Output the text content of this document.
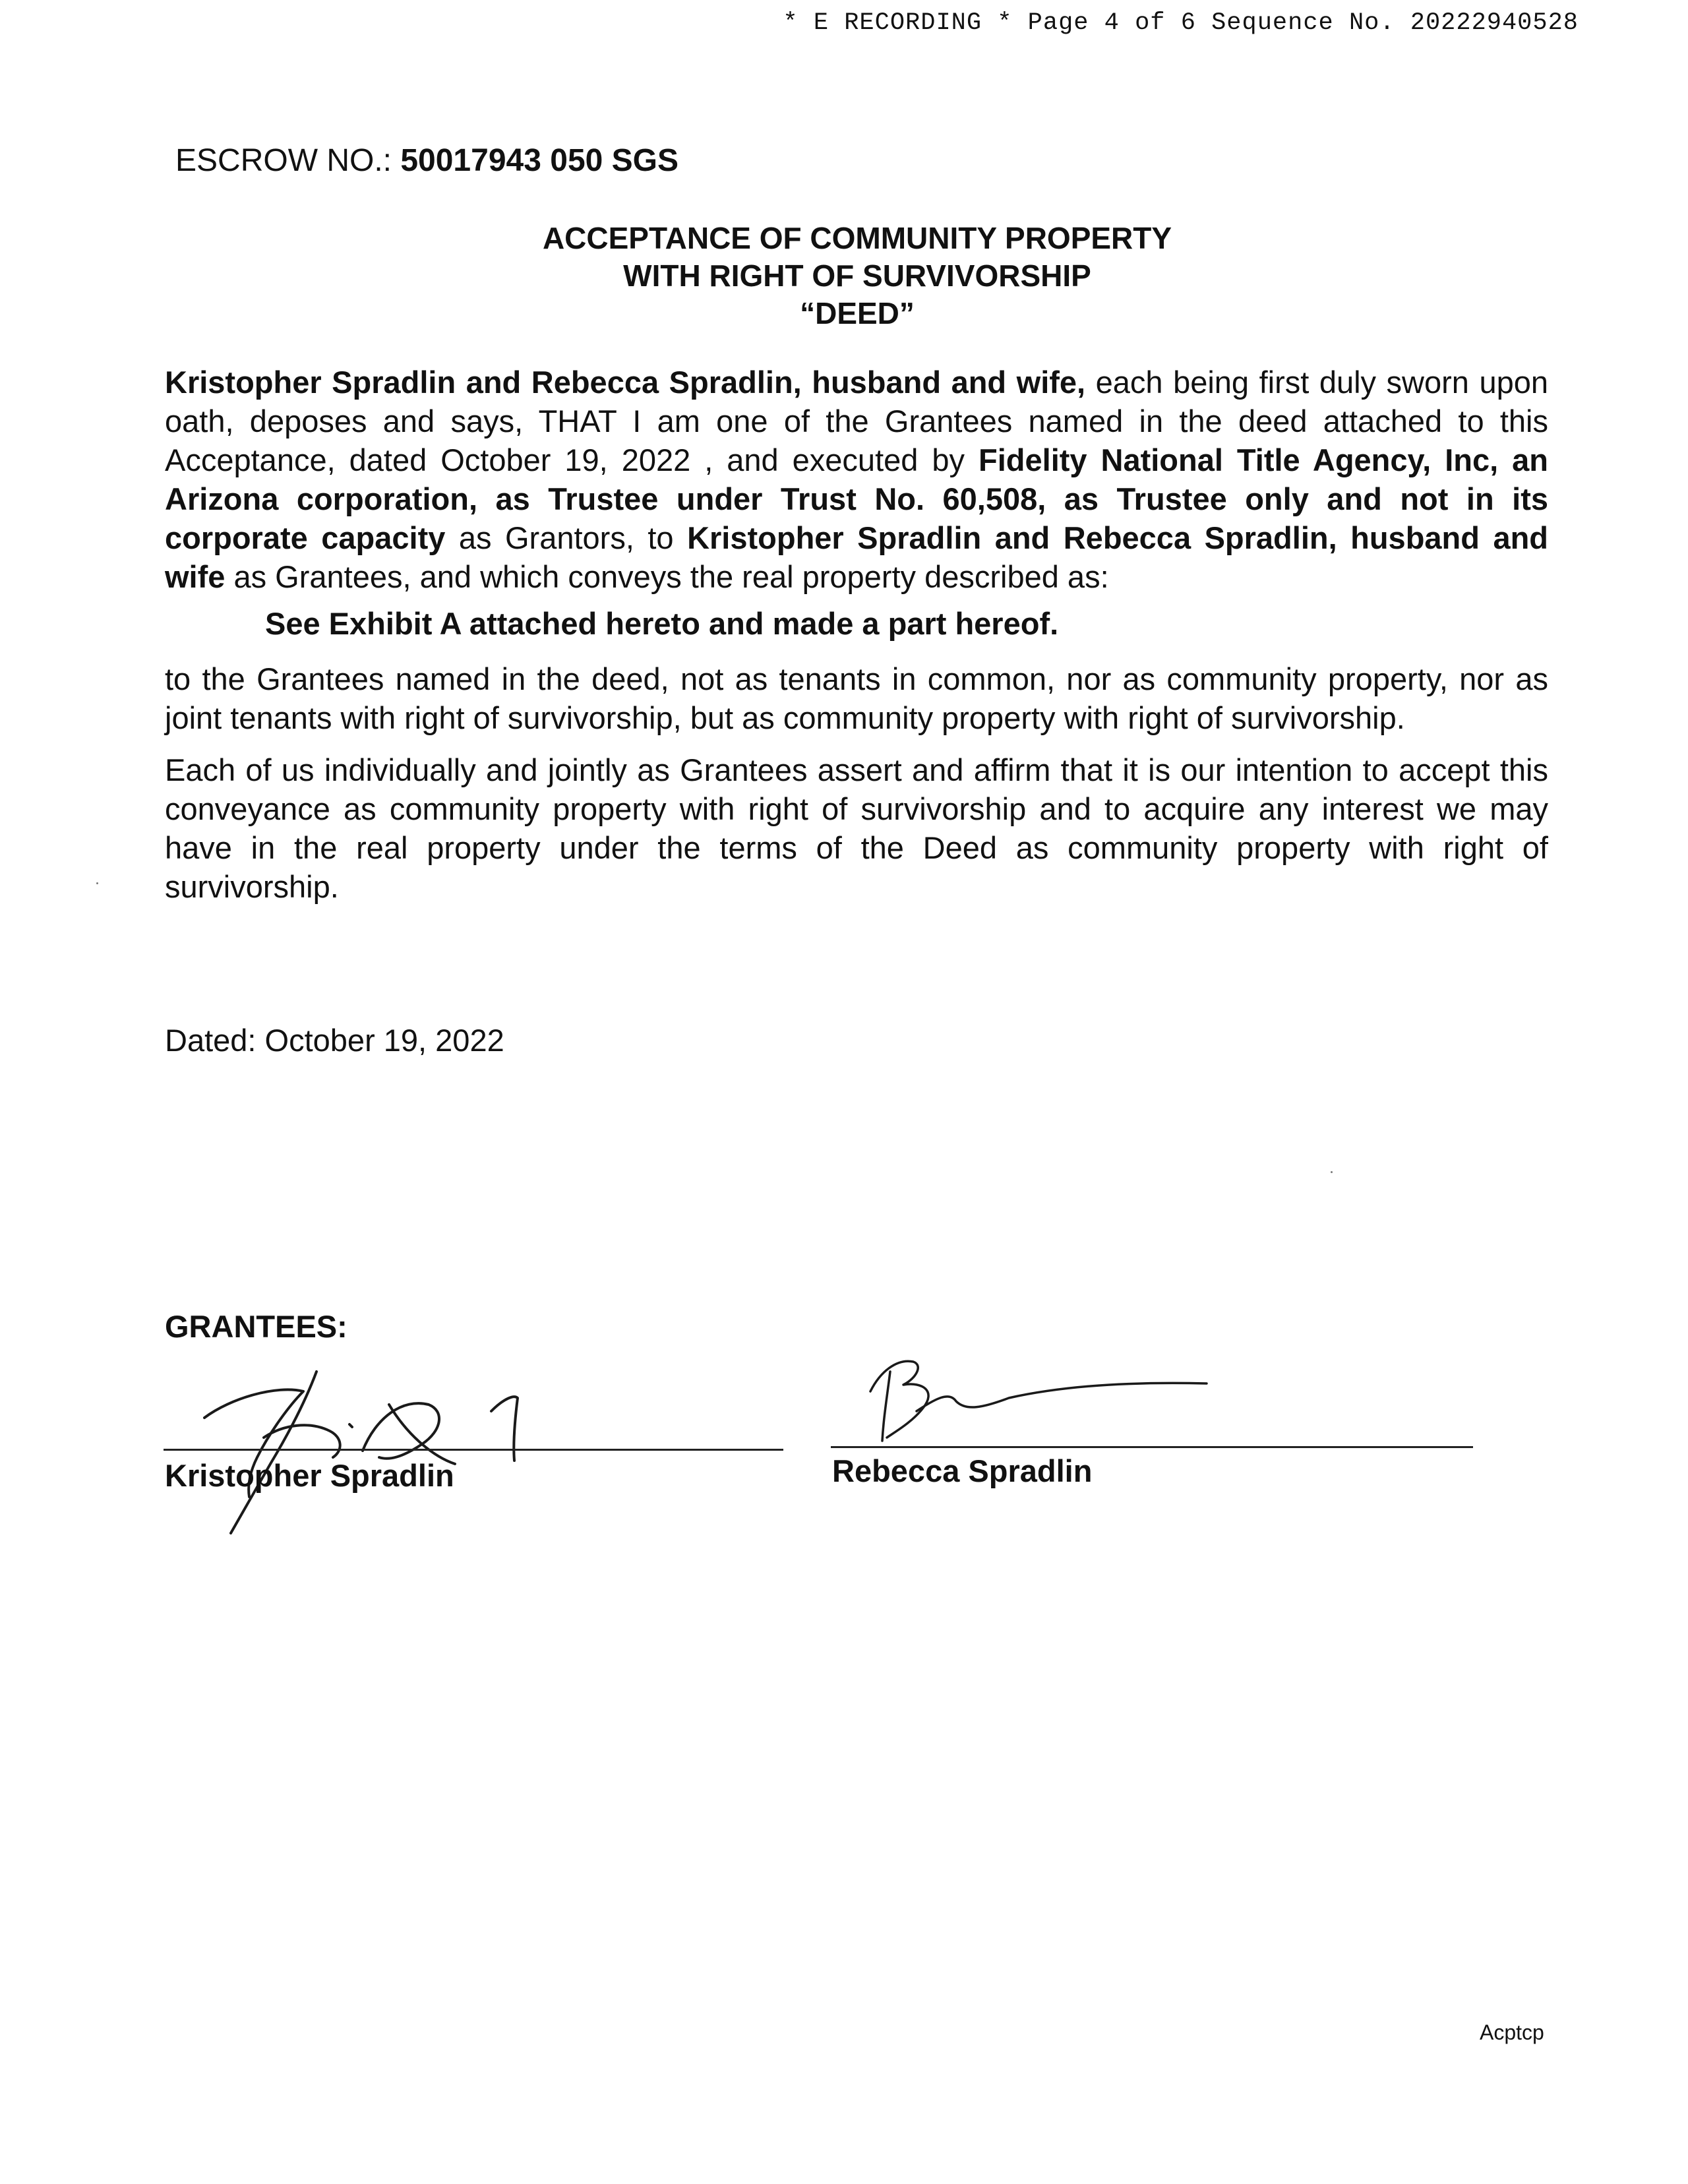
* E RECORDING * Page 4 of 6 Sequence No. 20222940528
ESCROW NO.: 50017943 050 SGS
ACCEPTANCE OF COMMUNITY PROPERTY
WITH RIGHT OF SURVIVORSHIP
“DEED”
Kristopher Spradlin and Rebecca Spradlin, husband and wife, each being first duly sworn upon oath, deposes and says, THAT I am one of the Grantees named in the deed attached to this Acceptance, dated October 19, 2022 , and executed by Fidelity National Title Agency, Inc, an Arizona corporation, as Trustee under Trust No. 60,508, as Trustee only and not in its corporate capacity as Grantors, to Kristopher Spradlin and Rebecca Spradlin, husband and wife as Grantees, and which conveys the real property described as:
See Exhibit A attached hereto and made a part hereof.
to the Grantees named in the deed, not as tenants in common, nor as community property, nor as joint tenants with right of survivorship, but as community property with right of survivorship.
Each of us individually and jointly as Grantees assert and affirm that it is our intention to accept this conveyance as community property with right of survivorship and to acquire any interest we may have in the real property under the terms of the Deed as community property with right of survivorship.
Dated: October 19, 2022
GRANTEES:
Kristopher Spradlin	Rebecca Spradlin
Acptcp
